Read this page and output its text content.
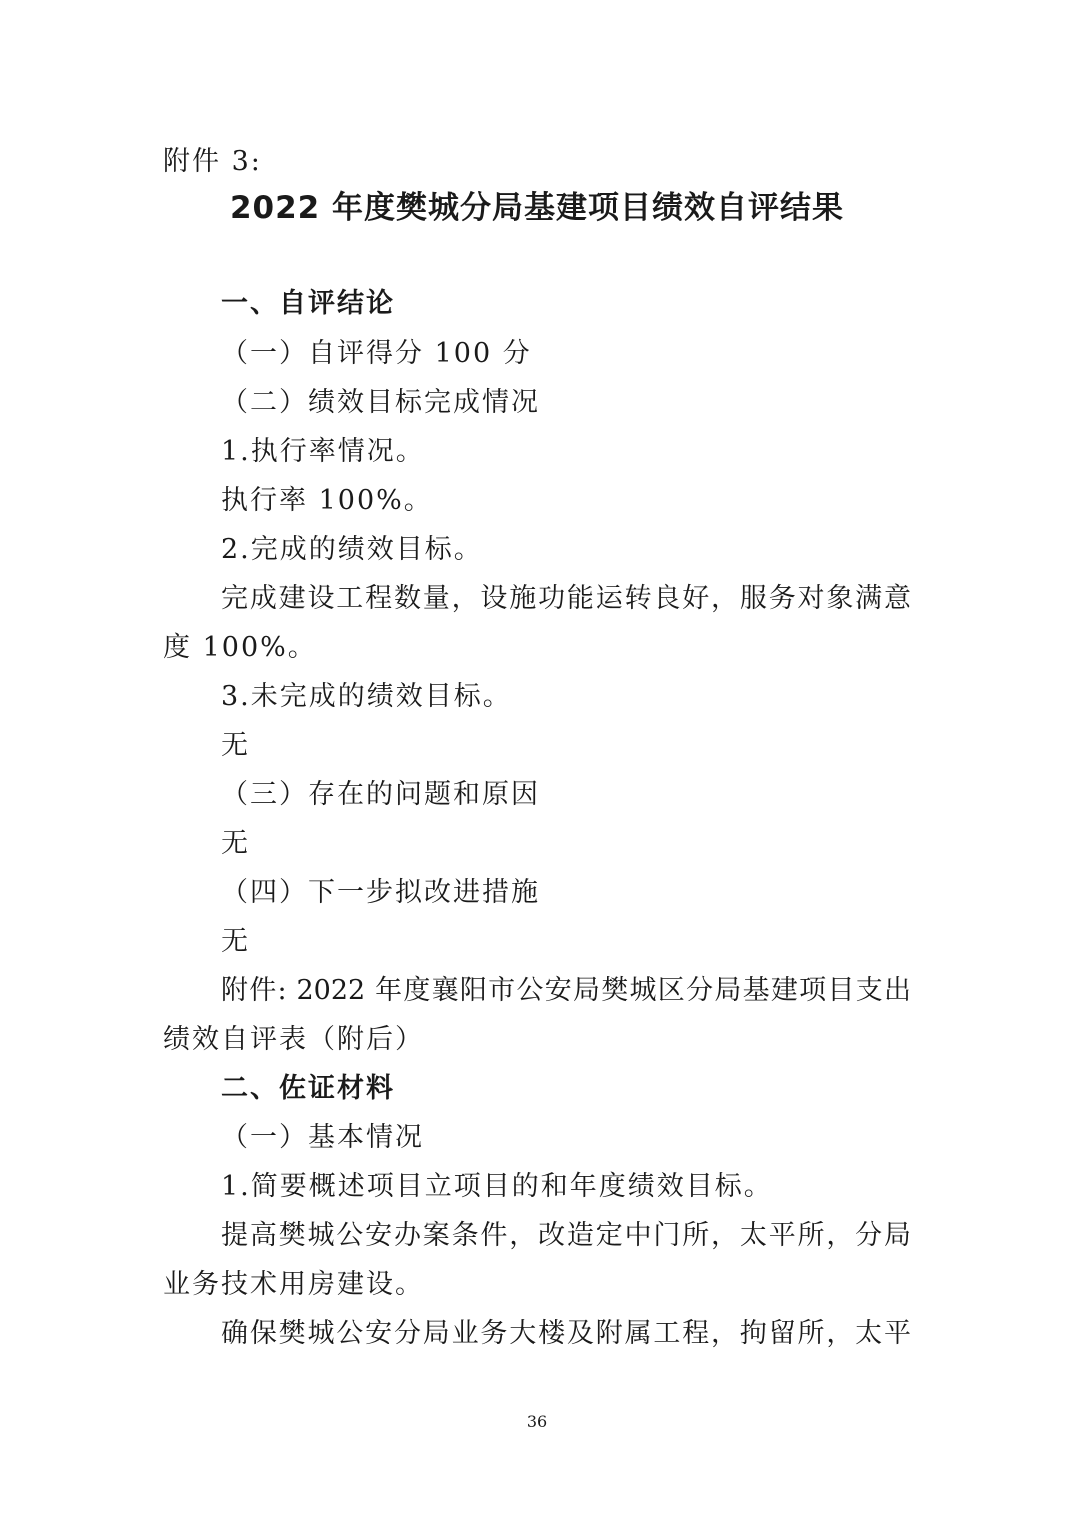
附件 3:
2022 年度樊城分局基建项目绩效自评结果
一、自评结论
（一）自评得分 100 分
（二）绩效目标完成情况
1.执行率情况。
执行率 100%。
2.完成的绩效目标。
完成建设工程数量，设施功能运转良好，服务对象满意
度 100%。
3.未完成的绩效目标。
无
（三）存在的问题和原因
无
（四）下一步拟改进措施
无
附件: 2022 年度襄阳市公安局樊城区分局基建项目支出
绩效自评表（附后）
二、佐证材料
（一）基本情况
1.简要概述项目立项目的和年度绩效目标。
提高樊城公安办案条件，改造定中门所，太平所，分局
业务技术用房建设。
确保樊城公安分局业务大楼及附属工程，拘留所，太平
36
